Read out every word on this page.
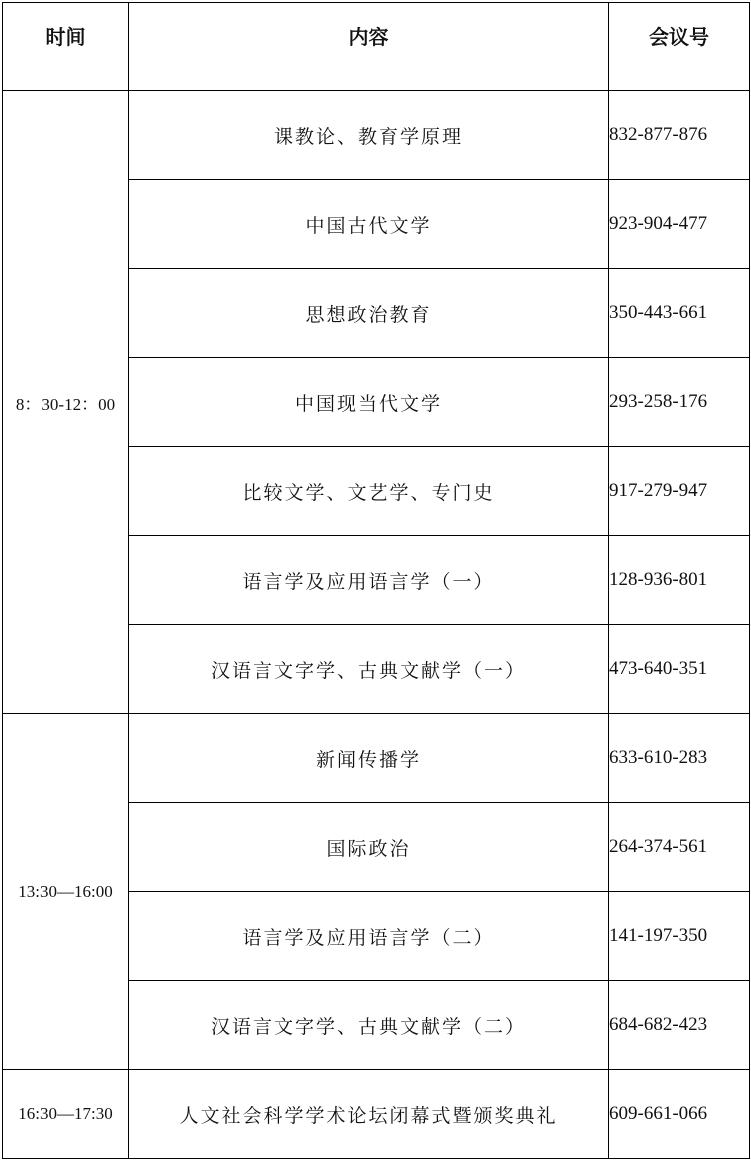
时间	内容	会议号
8：30-12：00	课教论、教育学原理	832-877-876
	中国古代文学	923-904-477
	思想政治教育	350-443-661
	中国现当代文学	293-258-176
	比较文学、文艺学、专门史	917-279-947
	语言学及应用语言学（一）	128-936-801
	汉语言文字学、古典文献学（一）	473-640-351
13:30—16:00	新闻传播学	633-610-283
	国际政治	264-374-561
	语言学及应用语言学（二）	141-197-350
	汉语言文字学、古典文献学（二）	684-682-423
16:30—17:30	人文社会科学学术论坛闭幕式暨颁奖典礼	609-661-066
